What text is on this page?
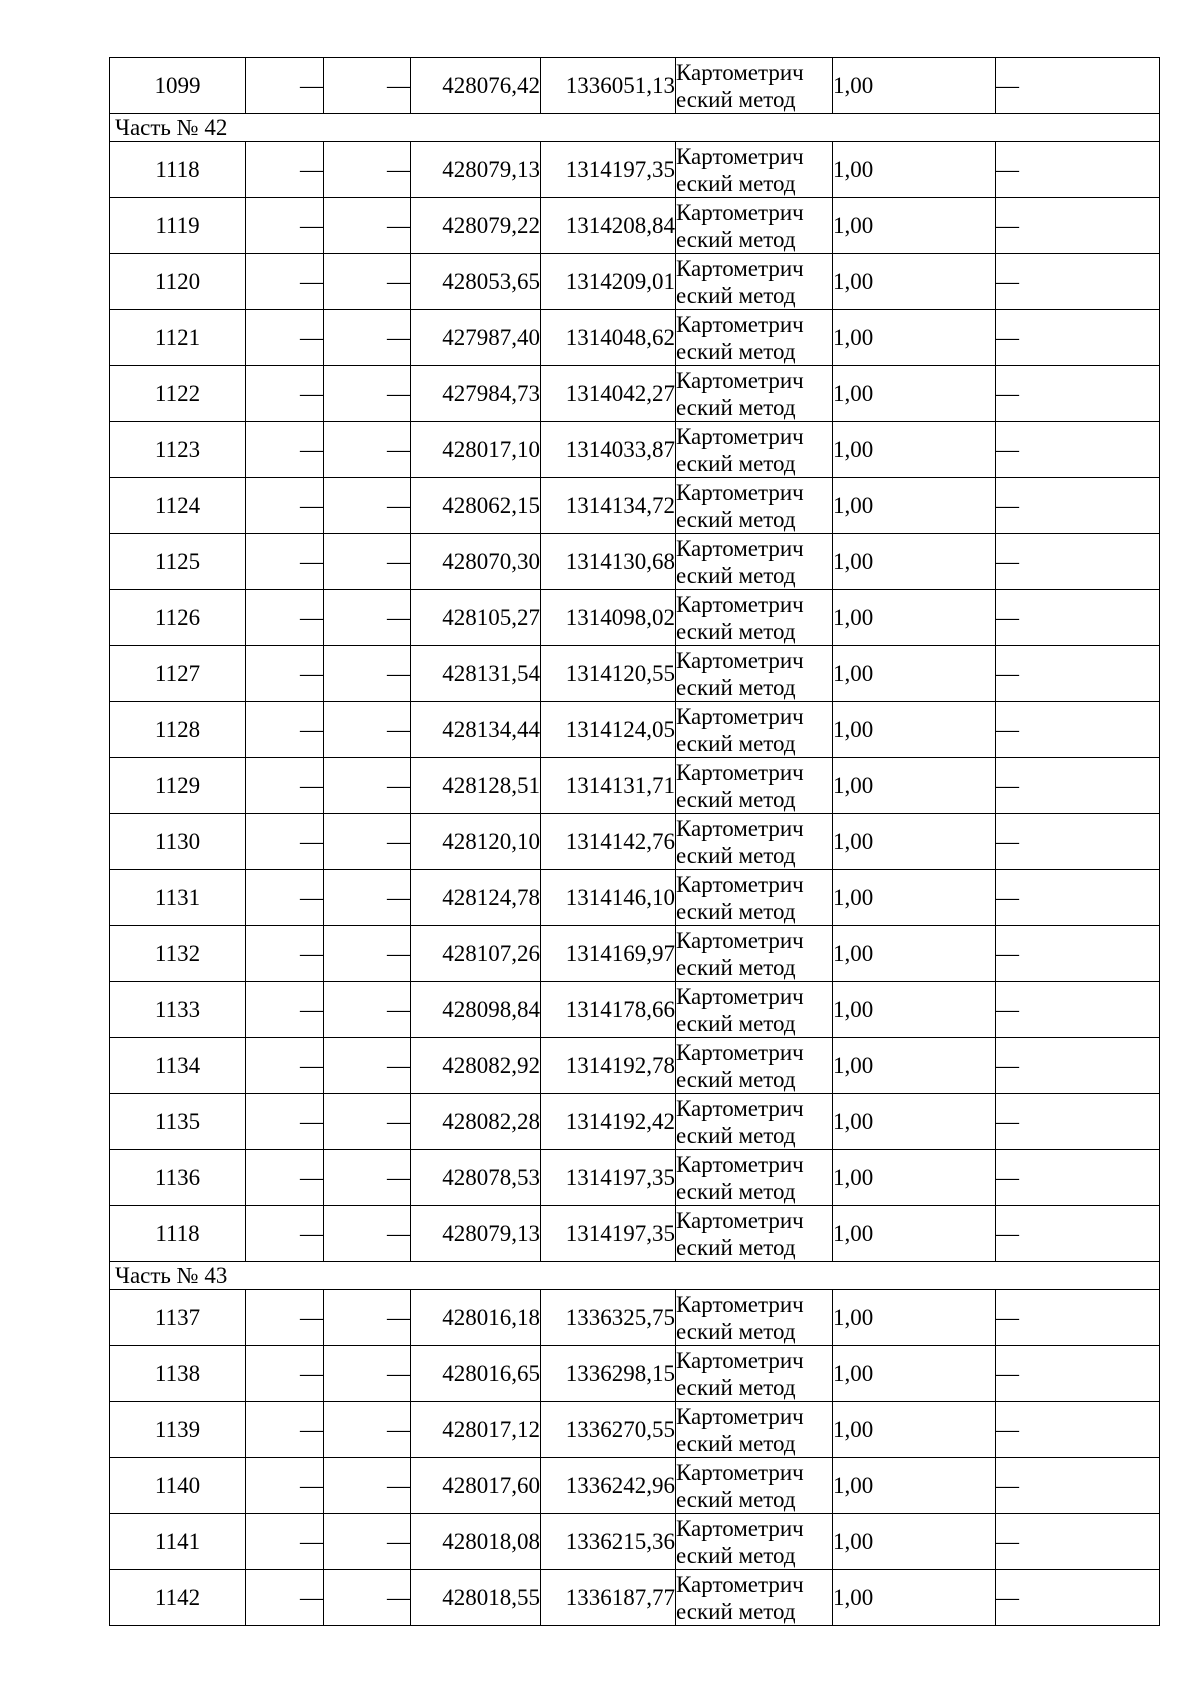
1099	—	—	428076,42	1336051,13	Картометрич
еский метод	1,00	—
Часть № 42							
1118	—	—	428079,13	1314197,35	Картометрич
еский метод	1,00	—
1119	—	—	428079,22	1314208,84	Картометрич
еский метод	1,00	—
1120	—	—	428053,65	1314209,01	Картометрич
еский метод	1,00	—
1121	—	—	427987,40	1314048,62	Картометрич
еский метод	1,00	—
1122	—	—	427984,73	1314042,27	Картометрич
еский метод	1,00	—
1123	—	—	428017,10	1314033,87	Картометрич
еский метод	1,00	—
1124	—	—	428062,15	1314134,72	Картометрич
еский метод	1,00	—
1125	—	—	428070,30	1314130,68	Картометрич
еский метод	1,00	—
1126	—	—	428105,27	1314098,02	Картометрич
еский метод	1,00	—
1127	—	—	428131,54	1314120,55	Картометрич
еский метод	1,00	—
1128	—	—	428134,44	1314124,05	Картометрич
еский метод	1,00	—
1129	—	—	428128,51	1314131,71	Картометрич
еский метод	1,00	—
1130	—	—	428120,10	1314142,76	Картометрич
еский метод	1,00	—
1131	—	—	428124,78	1314146,10	Картометрич
еский метод	1,00	—
1132	—	—	428107,26	1314169,97	Картометрич
еский метод	1,00	—
1133	—	—	428098,84	1314178,66	Картометрич
еский метод	1,00	—
1134	—	—	428082,92	1314192,78	Картометрич
еский метод	1,00	—
1135	—	—	428082,28	1314192,42	Картометрич
еский метод	1,00	—
1136	—	—	428078,53	1314197,35	Картометрич
еский метод	1,00	—
1118	—	—	428079,13	1314197,35	Картометрич
еский метод	1,00	—
Часть № 43							
1137	—	—	428016,18	1336325,75	Картометрич
еский метод	1,00	—
1138	—	—	428016,65	1336298,15	Картометрич
еский метод	1,00	—
1139	—	—	428017,12	1336270,55	Картометрич
еский метод	1,00	—
1140	—	—	428017,60	1336242,96	Картометрич
еский метод	1,00	—
1141	—	—	428018,08	1336215,36	Картометрич
еский метод	1,00	—
1142	—	—	428018,55	1336187,77	Картометрич
еский метод	1,00	—
